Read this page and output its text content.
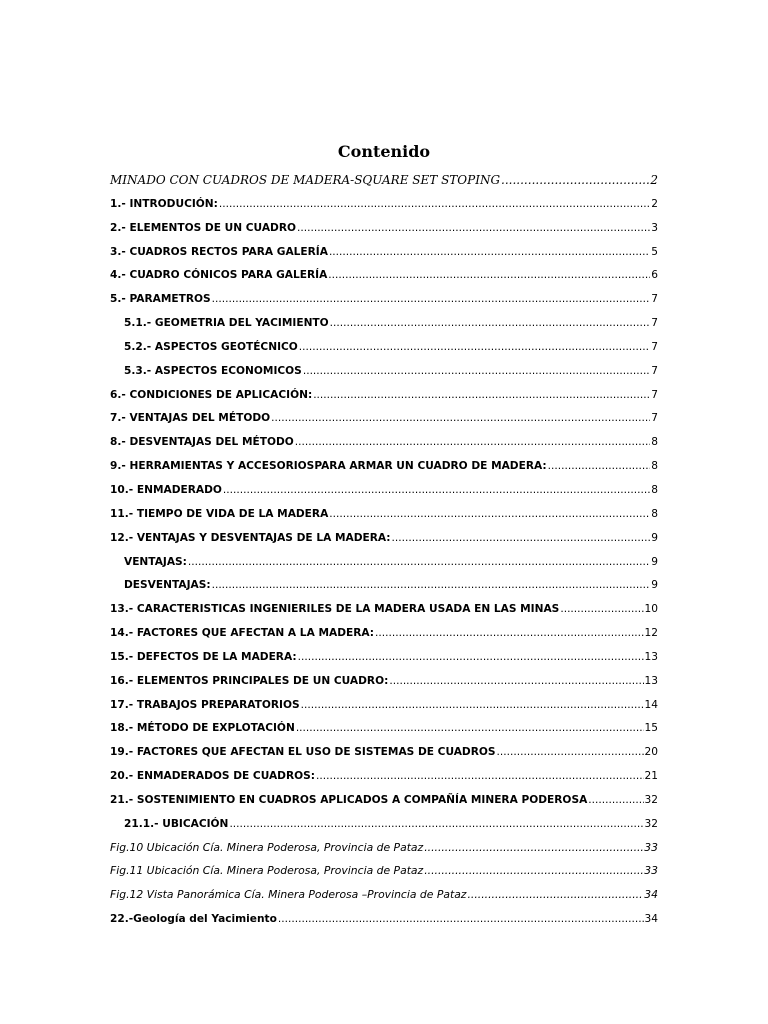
Contenido
MINADO CON CUADROS DE MADERA-SQUARE SET STOPING .....	2
1.- INTRODUCIÓN: .....	2
2.- ELEMENTOS DE UN CUADRO .....	3
3.- CUADROS RECTOS PARA GALERÍA .....	5
4.- CUADRO CÓNICOS PARA GALERÍA .....	6
5.- PARAMETROS .....	7
5.1.- GEOMETRIA DEL YACIMIENTO .....	7
5.2.- ASPECTOS GEOTÉCNICO .....	7
5.3.- ASPECTOS ECONOMICOS .....	7
6.- CONDICIONES DE APLICACIÓN: .....	7
7.- VENTAJAS DEL MÉTODO .....	7
8.- DESVENTAJAS DEL MÉTODO .....	8
9.- HERRAMIENTAS Y ACCESORIOSPARA ARMAR UN CUADRO DE MADERA: .....	8
10.- ENMADERADO .....	8
11.- TIEMPO DE VIDA DE LA MADERA .....	8
12.- VENTAJAS Y DESVENTAJAS DE LA MADERA: .....	9
VENTAJAS: .....	9
DESVENTAJAS: .....	9
13.- CARACTERISTICAS INGENIERILES DE LA MADERA USADA EN LAS MINAS .....	10
14.- FACTORES QUE AFECTAN A LA MADERA: .....	12
15.- DEFECTOS DE LA MADERA: .....	13
16.- ELEMENTOS PRINCIPALES DE UN CUADRO: .....	13
17.- TRABAJOS PREPARATORIOS .....	14
18.- MÉTODO DE EXPLOTACIÓN .....	15
19.- FACTORES QUE AFECTAN EL USO DE SISTEMAS DE CUADROS .....	20
20.- ENMADERADOS DE CUADROS: .....	21
21.- SOSTENIMIENTO EN CUADROS APLICADOS A COMPAÑÍA MINERA PODEROSA .....	32
21.1.- UBICACIÓN .....	32
Fig.10 Ubicación Cía. Minera Poderosa, Provincia de Pataz .....	33
Fig.11 Ubicación Cía. Minera Poderosa, Provincia de Pataz .....	33
Fig.12 Vista Panorámica Cía. Minera Poderosa –Provincia de Pataz .....	34
22.-Geología del Yacimiento .....	34
